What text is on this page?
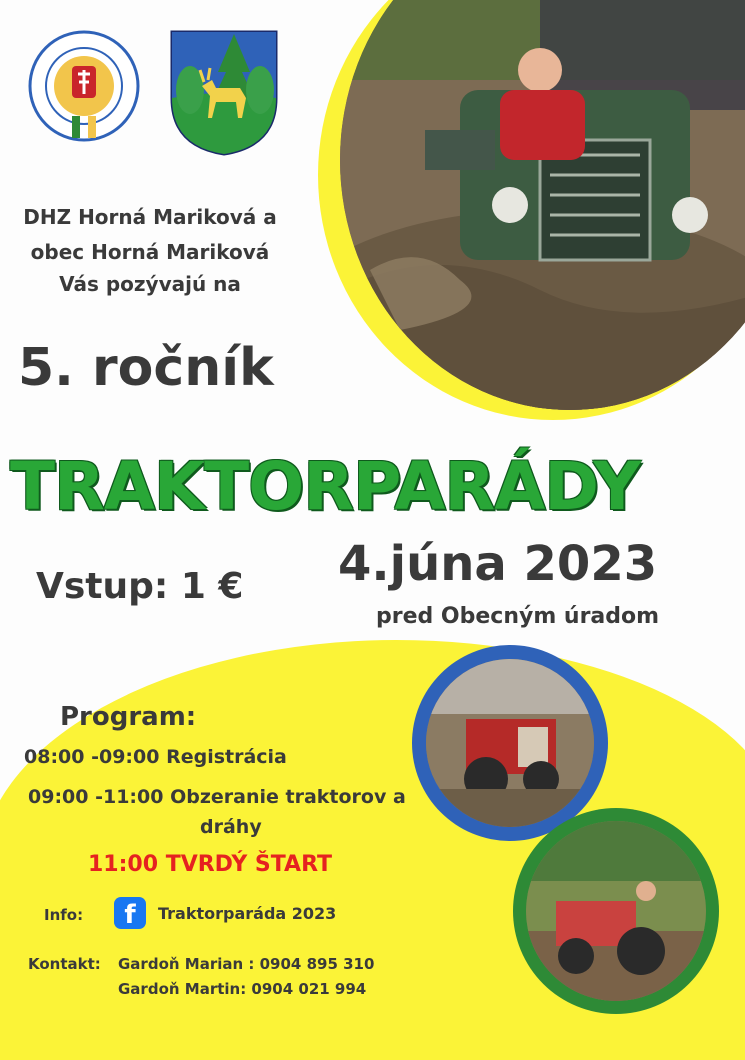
DHZ Horná Mariková a
obec Horná Mariková
Vás pozývajú na
5. ročník
TRAKTORPARÁDY
4.júna 2023
pred Obecným úradom
Vstup: 1 €
Program:
08:00 -09:00 Registrácia
09:00 -11:00 Obzeranie traktorov a
dráhy
11:00 TVRDÝ ŠTART
Info:	f	Traktorparáda 2023
Kontakt: Gardoň Marian : 0904 895 310
Gardoň Martin: 0904 021 994
